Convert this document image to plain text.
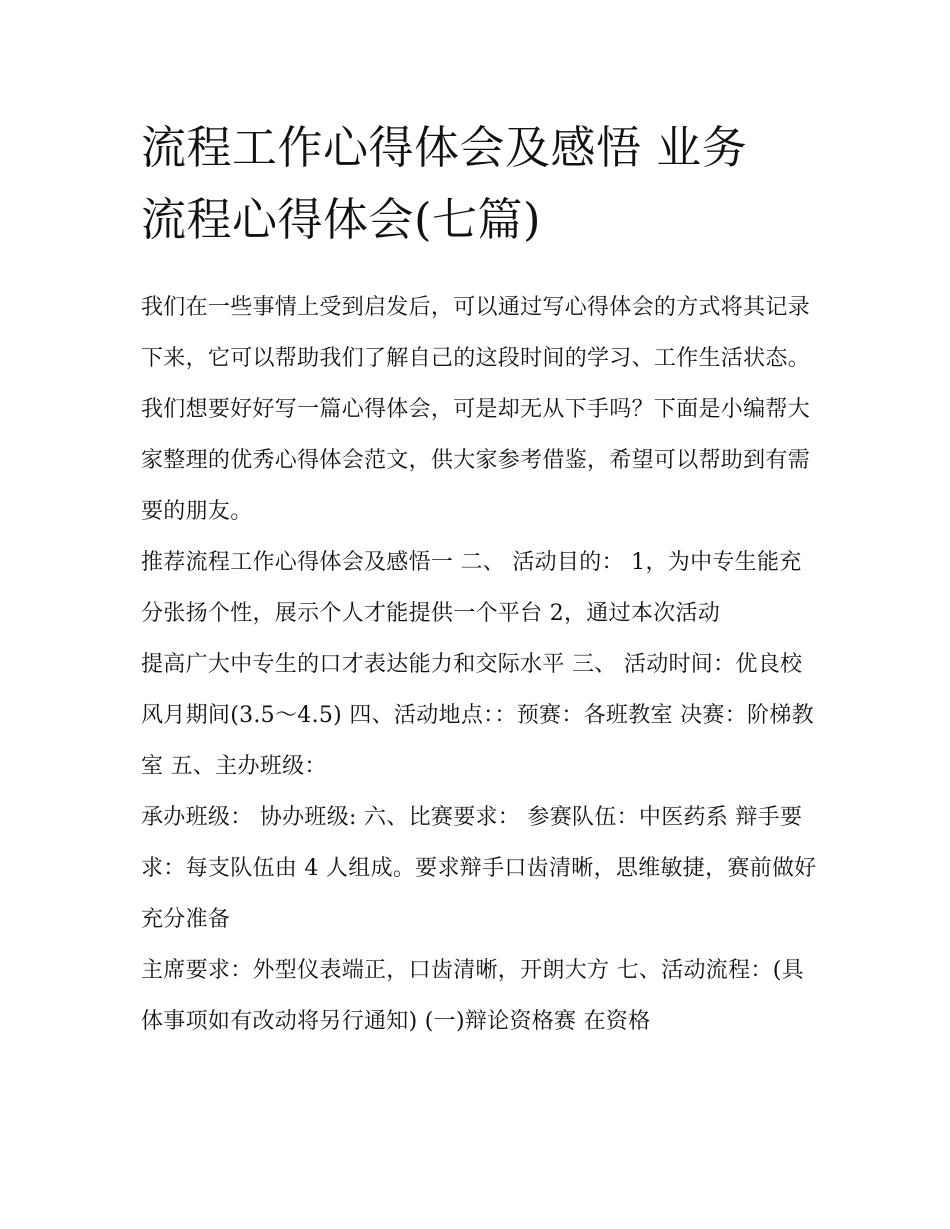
流程工作心得体会及感悟 业务
流程心得体会(七篇)

我们在一些事情上受到启发后，可以通过写心得体会的方式将其记录下来，它可以帮助我们了解自己的这段时间的学习、工作生活状态。我们想要好好写一篇心得体会，可是却无从下手吗？下面是小编帮大家整理的优秀心得体会范文，供大家参考借鉴，希望可以帮助到有需要的朋友。

推荐流程工作心得体会及感悟一 二、 活动目的： 1，为中专生能充分张扬个性，展示个人才能提供一个平台 2，通过本次活动

提高广大中专生的口才表达能力和交际水平 三、 活动时间：优良校风月期间(3.5～4.5) 四、活动地点：：预赛：各班教室 决赛：阶梯教室 五、主办班级：

承办班级： 协办班级: 六、比赛要求： 参赛队伍：中医药系 辩手要求：每支队伍由 4 人组成。要求辩手口齿清晰，思维敏捷，赛前做好充分准备

主席要求：外型仪表端正，口齿清晰，开朗大方 七、活动流程：(具体事项如有改动将另行通知) (一)辩论资格赛 在资格
